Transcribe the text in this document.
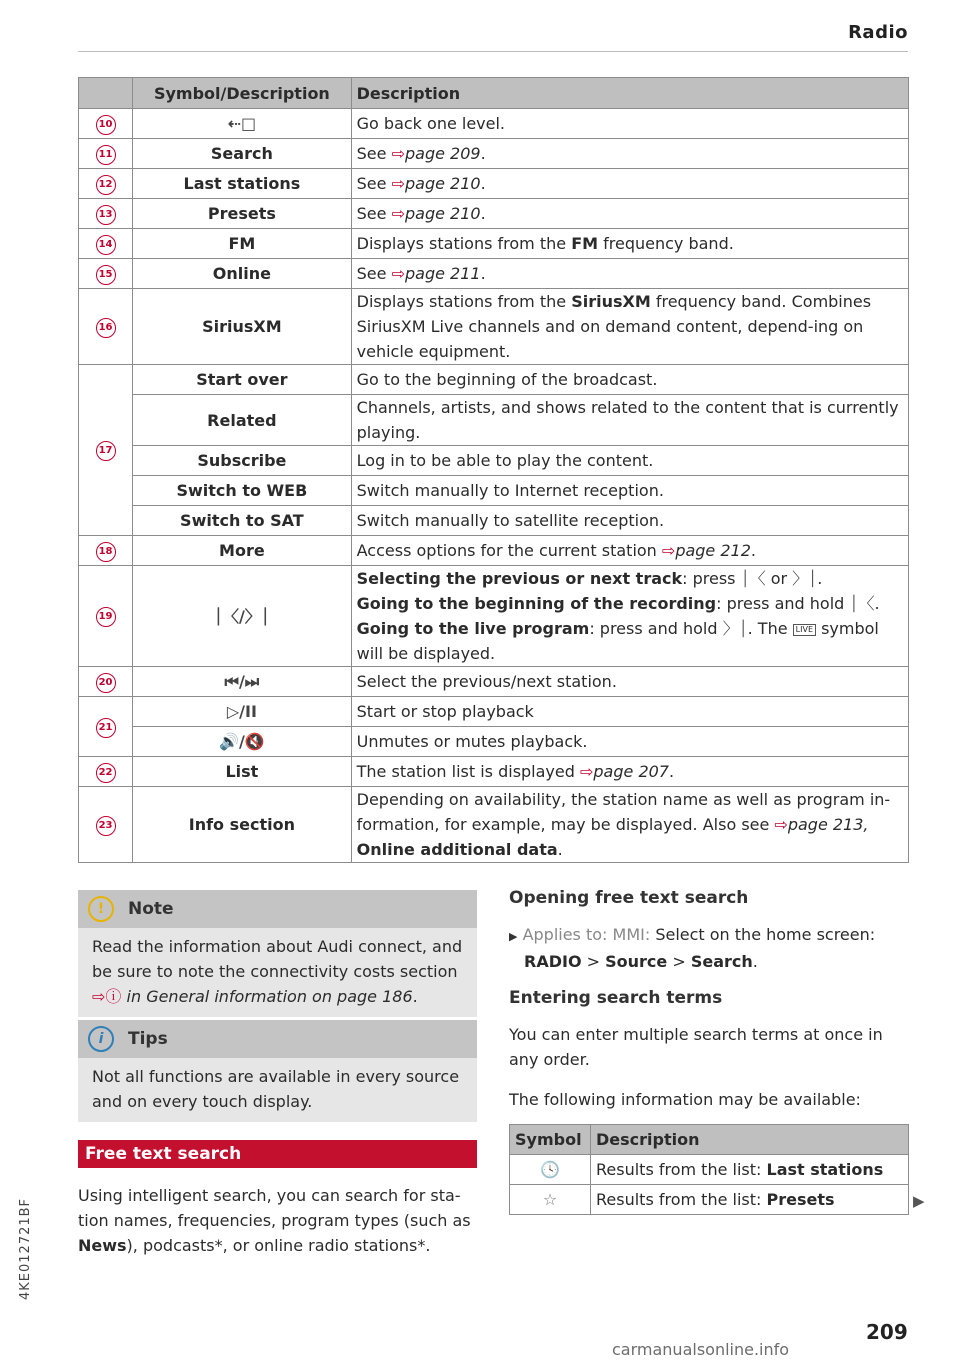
Radio
	Symbol/Description	Description
10	⇠□	Go back one level.
11	Search	See ⇨page 209.
12	Last stations	See ⇨page 210.
13	Presets	See ⇨page 210.
14	FM	Displays stations from the FM frequency band.
15	Online	See ⇨page 211.
16	SiriusXM	Displays stations from the SiriusXM frequency band. Combines SiriusXM Live channels and on demand content, depend-ing on vehicle equipment.
17	Start over	Go to the beginning of the broadcast.
	Related	Channels, artists, and shows related to the content that is currently playing.
	Subscribe	Log in to be able to play the content.
	Switch to WEB	Switch manually to Internet reception.
	Switch to SAT	Switch manually to satellite reception.
18	More	Access options for the current station ⇨page 212.
19	⏐〈/〉⏐	Selecting the previous or next track: press ⏐〈 or 〉⏐.
Going to the beginning of the recording: press and hold ⏐〈.
Going to the live program: press and hold 〉⏐. The LIVE symbol will be displayed.
20	⏮/⏭	Select the previous/next station.
21	▷/II	Start or stop playback
	🔊/🔇	Unmutes or mutes playback.
22	List	The station list is displayed ⇨page 207.
23	Info section	Depending on availability, the station name as well as program in-formation, for example, may be displayed. Also see ⇨page 213,
Online additional data.
!	Note
Read the information about Audi connect, and be sure to note the connectivity costs section ⇨ⓘ in General information on page 186.
i	Tips
Not all functions are available in every source and on every touch display.
Free text search
Using intelligent search, you can search for sta-tion names, frequencies, program types (such as News), podcasts*, or online radio stations*.
Opening free text search
▶ Applies to: MMI: Select on the home screen:
RADIO > Source > Search.
Entering search terms
You can enter multiple search terms at once in any order.
The following information may be available:
Symbol	Description
🕓	Results from the list: Last stations
☆	Results from the list: Presets	▶
4KE012721BF
209
carmanualsonline.info
